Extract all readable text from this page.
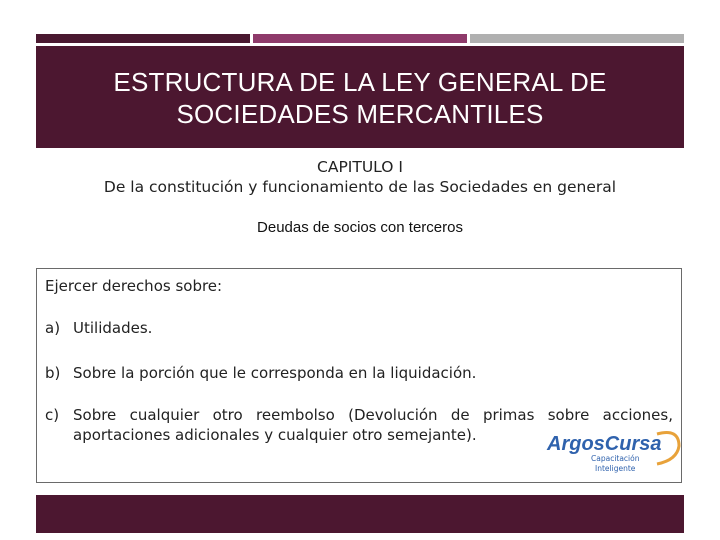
ESTRUCTURA DE LA LEY GENERAL DE
SOCIEDADES MERCANTILES
CAPITULO I
De la constitución y funcionamiento de las Sociedades en general
Deudas de socios con terceros
Ejercer derechos sobre:
a) Utilidades.
b) Sobre la porción que le corresponda en la liquidación.
c) Sobre cualquier otro reembolso (Devolución de primas sobre acciones, aportaciones adicionales y cualquier otro semejante).	ArgosCursa
Capacitación
Inteligente
